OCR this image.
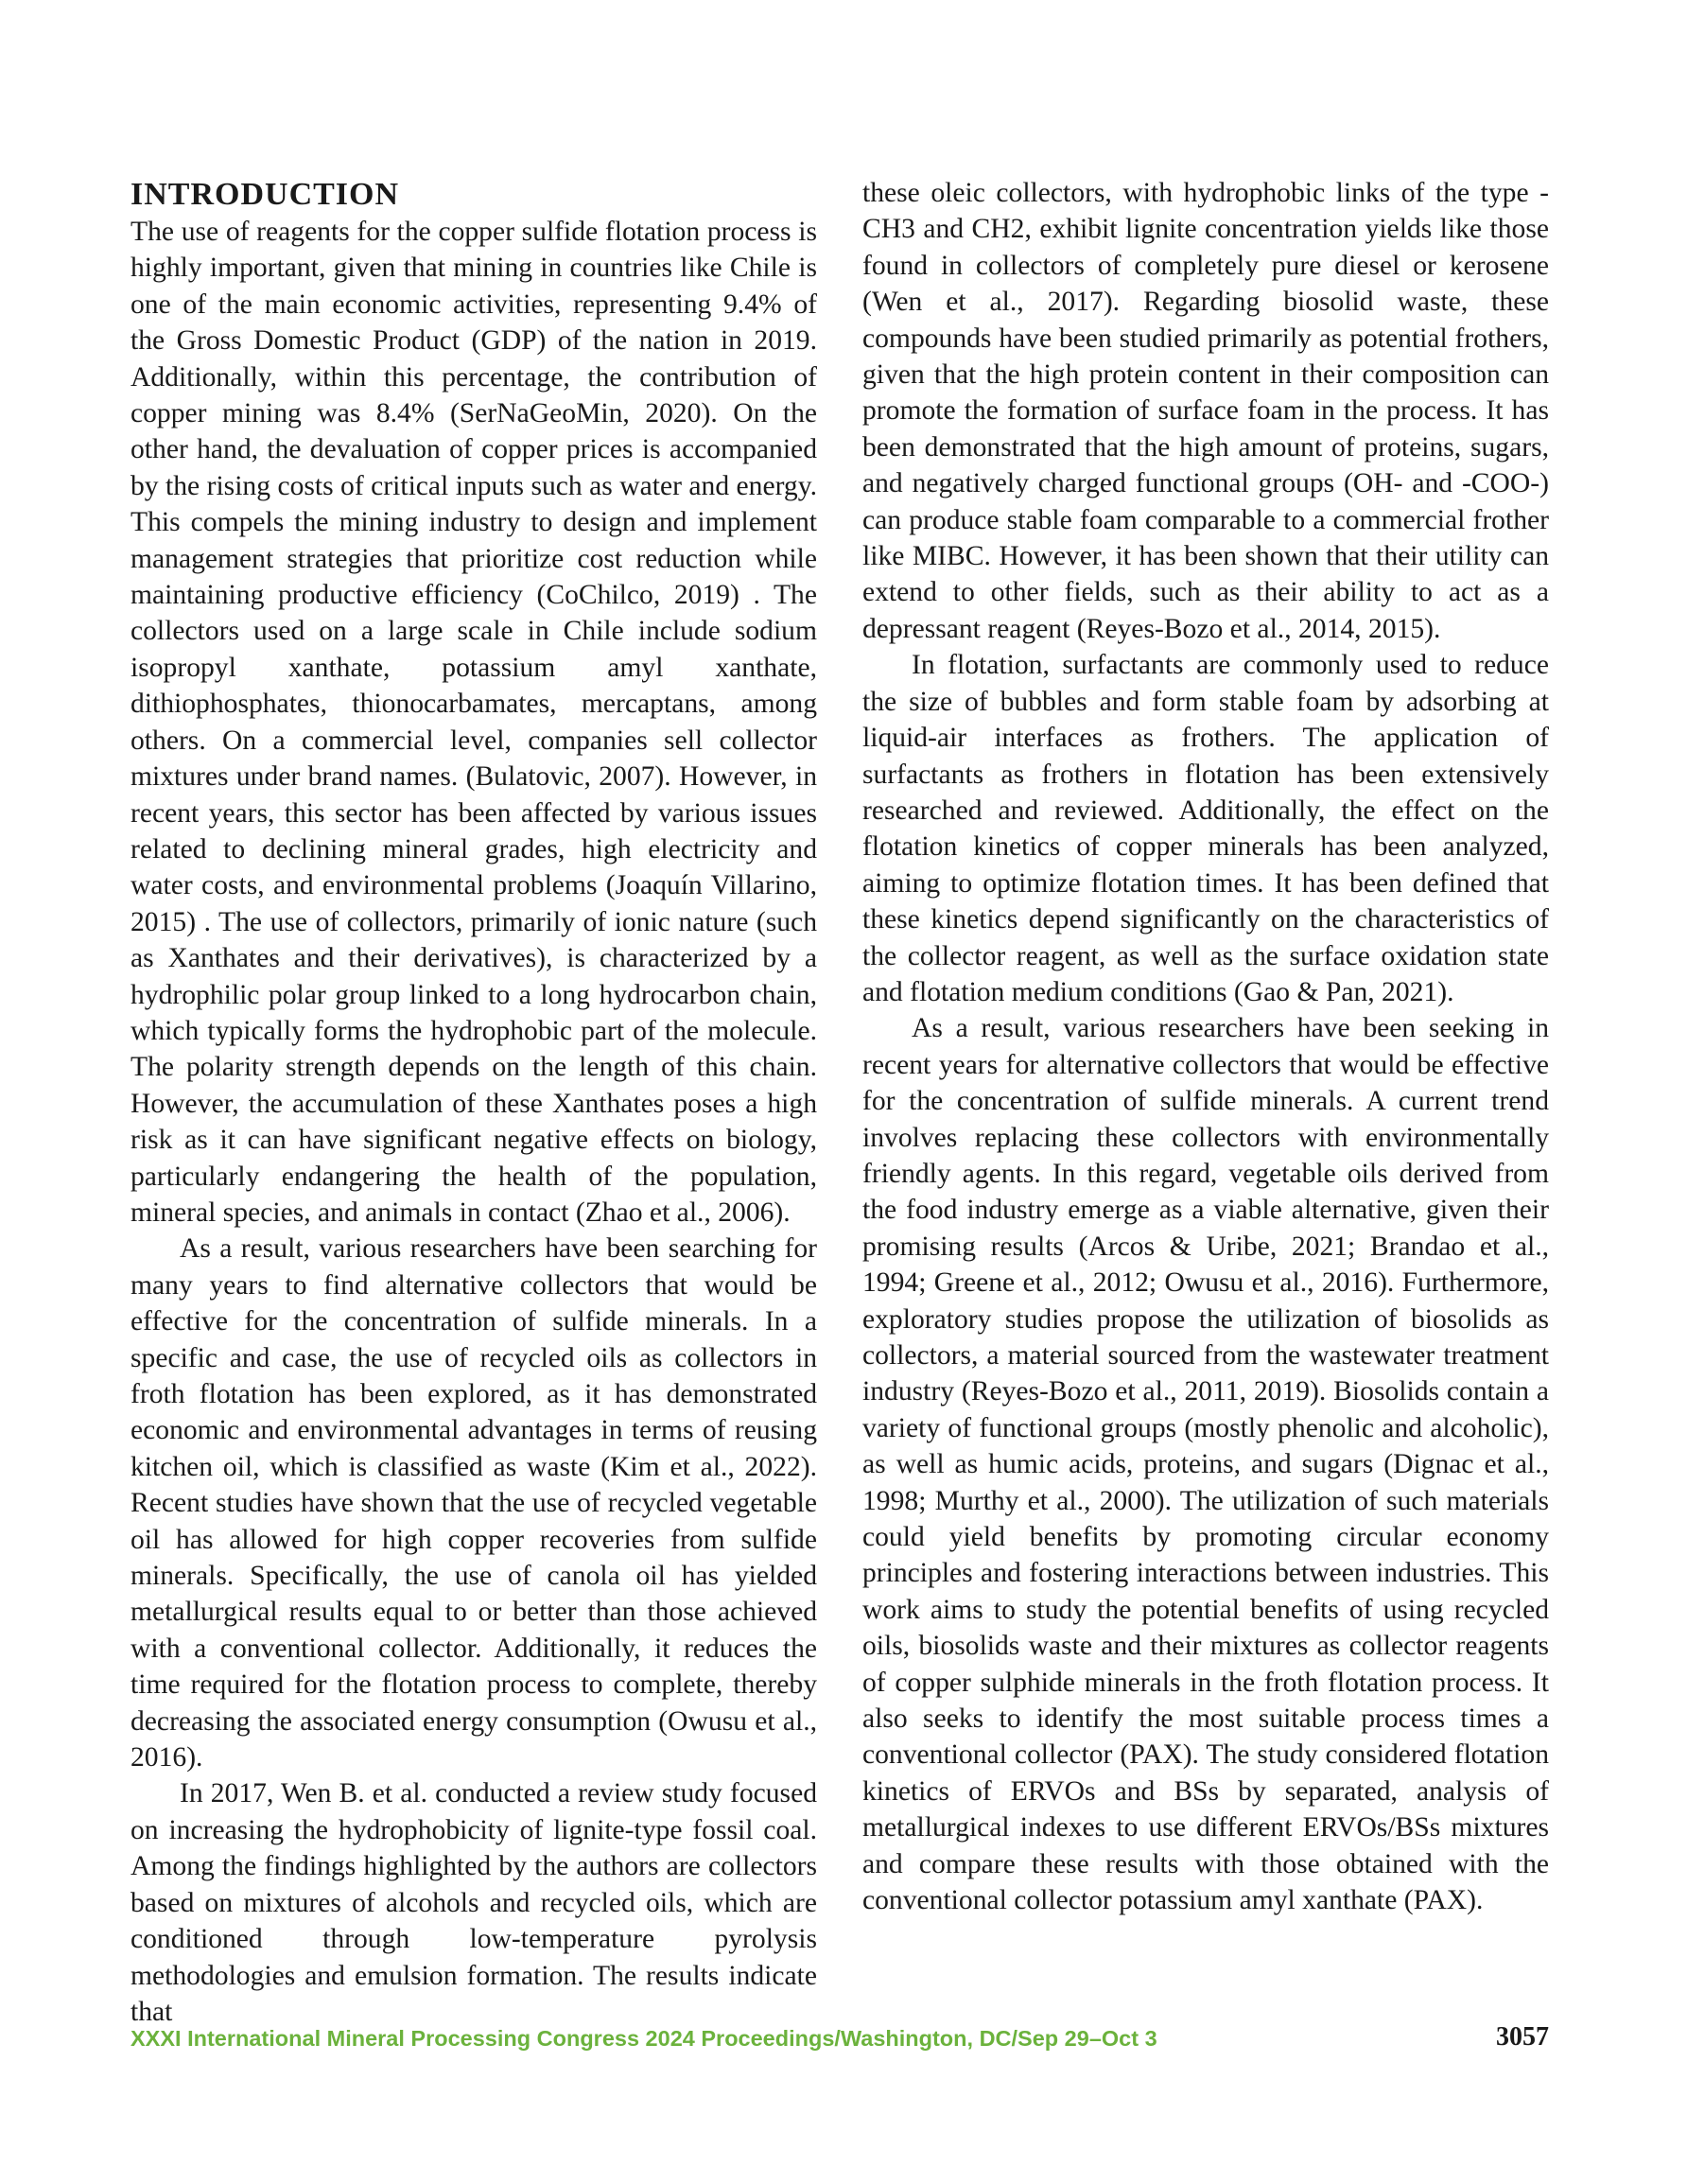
INTRODUCTION

The use of reagents for the copper sulfide flotation process is highly important, given that mining in countries like Chile is one of the main economic activities, representing 9.4% of the Gross Domestic Product (GDP) of the nation in 2019. Additionally, within this percentage, the contribution of copper mining was 8.4% (SerNaGeoMin, 2020). On the other hand, the devaluation of copper prices is accompanied by the rising costs of critical inputs such as water and energy. This compels the mining industry to design and implement management strategies that prioritize cost reduction while maintaining productive efficiency (CoChilco, 2019) . The collectors used on a large scale in Chile include sodium isopropyl xanthate, potassium amyl xanthate, dithiophosphates, thionocarbamates, mercaptans, among others. On a commercial level, companies sell collector mixtures under brand names. (Bulatovic, 2007). However, in recent years, this sector has been affected by various issues related to declining mineral grades, high electricity and water costs, and environmental problems (Joaquín Villarino, 2015) . The use of collectors, primarily of ionic nature (such as Xanthates and their derivatives), is characterized by a hydrophilic polar group linked to a long hydrocarbon chain, which typically forms the hydrophobic part of the molecule. The polarity strength depends on the length of this chain. However, the accumulation of these Xanthates poses a high risk as it can have significant negative effects on biology, particularly endangering the health of the population, mineral species, and animals in contact (Zhao et al., 2006).

As a result, various researchers have been searching for many years to find alternative collectors that would be effective for the concentration of sulfide minerals. In a specific and case, the use of recycled oils as collectors in froth flotation has been explored, as it has demonstrated economic and environmental advantages in terms of reusing kitchen oil, which is classified as waste (Kim et al., 2022). Recent studies have shown that the use of recycled vegetable oil has allowed for high copper recoveries from sulfide minerals. Specifically, the use of canola oil has yielded metallurgical results equal to or better than those achieved with a conventional collector. Additionally, it reduces the time required for the flotation process to complete, thereby decreasing the associated energy consumption (Owusu et al., 2016).

In 2017, Wen B. et al. conducted a review study focused on increasing the hydrophobicity of lignite-type fossil coal. Among the findings highlighted by the authors are collectors based on mixtures of alcohols and recycled oils, which are conditioned through low-temperature pyrolysis methodologies and emulsion formation. The results indicate that

these oleic collectors, with hydrophobic links of the type -CH3 and CH2, exhibit lignite concentration yields like those found in collectors of completely pure diesel or kerosene (Wen et al., 2017). Regarding biosolid waste, these compounds have been studied primarily as potential frothers, given that the high protein content in their composition can promote the formation of surface foam in the process. It has been demonstrated that the high amount of proteins, sugars, and negatively charged functional groups (OH- and -COO-) can produce stable foam comparable to a commercial frother like MIBC. However, it has been shown that their utility can extend to other fields, such as their ability to act as a depressant reagent (Reyes-Bozo et al., 2014, 2015).

In flotation, surfactants are commonly used to reduce the size of bubbles and form stable foam by adsorbing at liquid-air interfaces as frothers. The application of surfactants as frothers in flotation has been extensively researched and reviewed. Additionally, the effect on the flotation kinetics of copper minerals has been analyzed, aiming to optimize flotation times. It has been defined that these kinetics depend significantly on the characteristics of the collector reagent, as well as the surface oxidation state and flotation medium conditions (Gao & Pan, 2021).

As a result, various researchers have been seeking in recent years for alternative collectors that would be effective for the concentration of sulfide minerals. A current trend involves replacing these collectors with environmentally friendly agents. In this regard, vegetable oils derived from the food industry emerge as a viable alternative, given their promising results (Arcos & Uribe, 2021; Brandao et al., 1994; Greene et al., 2012; Owusu et al., 2016). Furthermore, exploratory studies propose the utilization of biosolids as collectors, a material sourced from the wastewater treatment industry (Reyes-Bozo et al., 2011, 2019). Biosolids contain a variety of functional groups (mostly phenolic and alcoholic), as well as humic acids, proteins, and sugars (Dignac et al., 1998; Murthy et al., 2000). The utilization of such materials could yield benefits by promoting circular economy principles and fostering interactions between industries. This work aims to study the potential benefits of using recycled oils, biosolids waste and their mixtures as collector reagents of copper sulphide minerals in the froth flotation process. It also seeks to identify the most suitable process times a conventional collector (PAX). The study considered flotation kinetics of ERVOs and BSs by separated, analysis of metallurgical indexes to use different ERVOs/BSs mixtures and compare these results with those obtained with the conventional collector potassium amyl xanthate (PAX).

XXXI International Mineral Processing Congress 2024 Proceedings/Washington, DC/Sep 29–Oct 3	3057
